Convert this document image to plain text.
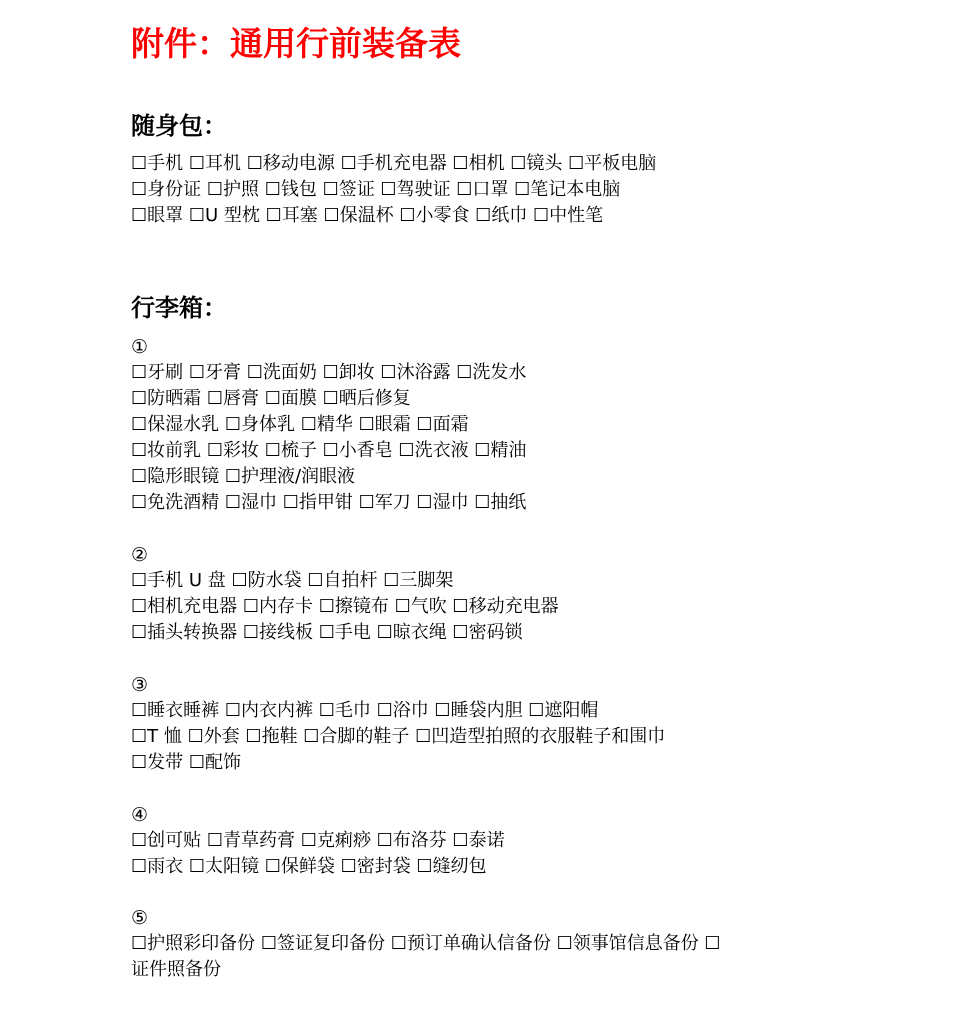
附件：通用行前装备表
随身包：
☐手机 ☐耳机 ☐移动电源 ☐手机充电器 ☐相机 ☐镜头 ☐平板电脑
☐身份证 ☐护照 ☐钱包 ☐签证 ☐驾驶证 ☐口罩 ☐笔记本电脑
☐眼罩 ☐U 型枕 ☐耳塞 ☐保温杯 ☐小零食 ☐纸巾 ☐中性笔
行李箱：
①
☐牙刷 ☐牙膏 ☐洗面奶 ☐卸妆 ☐沐浴露 ☐洗发水
☐防晒霜 ☐唇膏 ☐面膜 ☐晒后修复
☐保湿水乳 ☐身体乳 ☐精华 ☐眼霜 ☐面霜
☐妆前乳 ☐彩妆 ☐梳子 ☐小香皂 ☐洗衣液 ☐精油
☐隐形眼镜 ☐护理液/润眼液
☐免洗酒精 ☐湿巾 ☐指甲钳 ☐军刀 ☐湿巾 ☐抽纸
②
☐手机 U 盘 ☐防水袋 ☐自拍杆 ☐三脚架
☐相机充电器 ☐内存卡 ☐擦镜布 ☐气吹 ☐移动充电器
☐插头转换器 ☐接线板 ☐手电 ☐晾衣绳 ☐密码锁
③
☐睡衣睡裤 ☐内衣内裤 ☐毛巾 ☐浴巾 ☐睡袋内胆 ☐遮阳帽
☐T 恤 ☐外套 ☐拖鞋 ☐合脚的鞋子 ☐凹造型拍照的衣服鞋子和围巾
☐发带 ☐配饰
④
☐创可贴 ☐青草药膏 ☐克痢痧 ☐布洛芬 ☐泰诺
☐雨衣 ☐太阳镜 ☐保鲜袋 ☐密封袋 ☐缝纫包
⑤
☐护照彩印备份 ☐签证复印备份 ☐预订单确认信备份 ☐领事馆信息备份 ☐
证件照备份
